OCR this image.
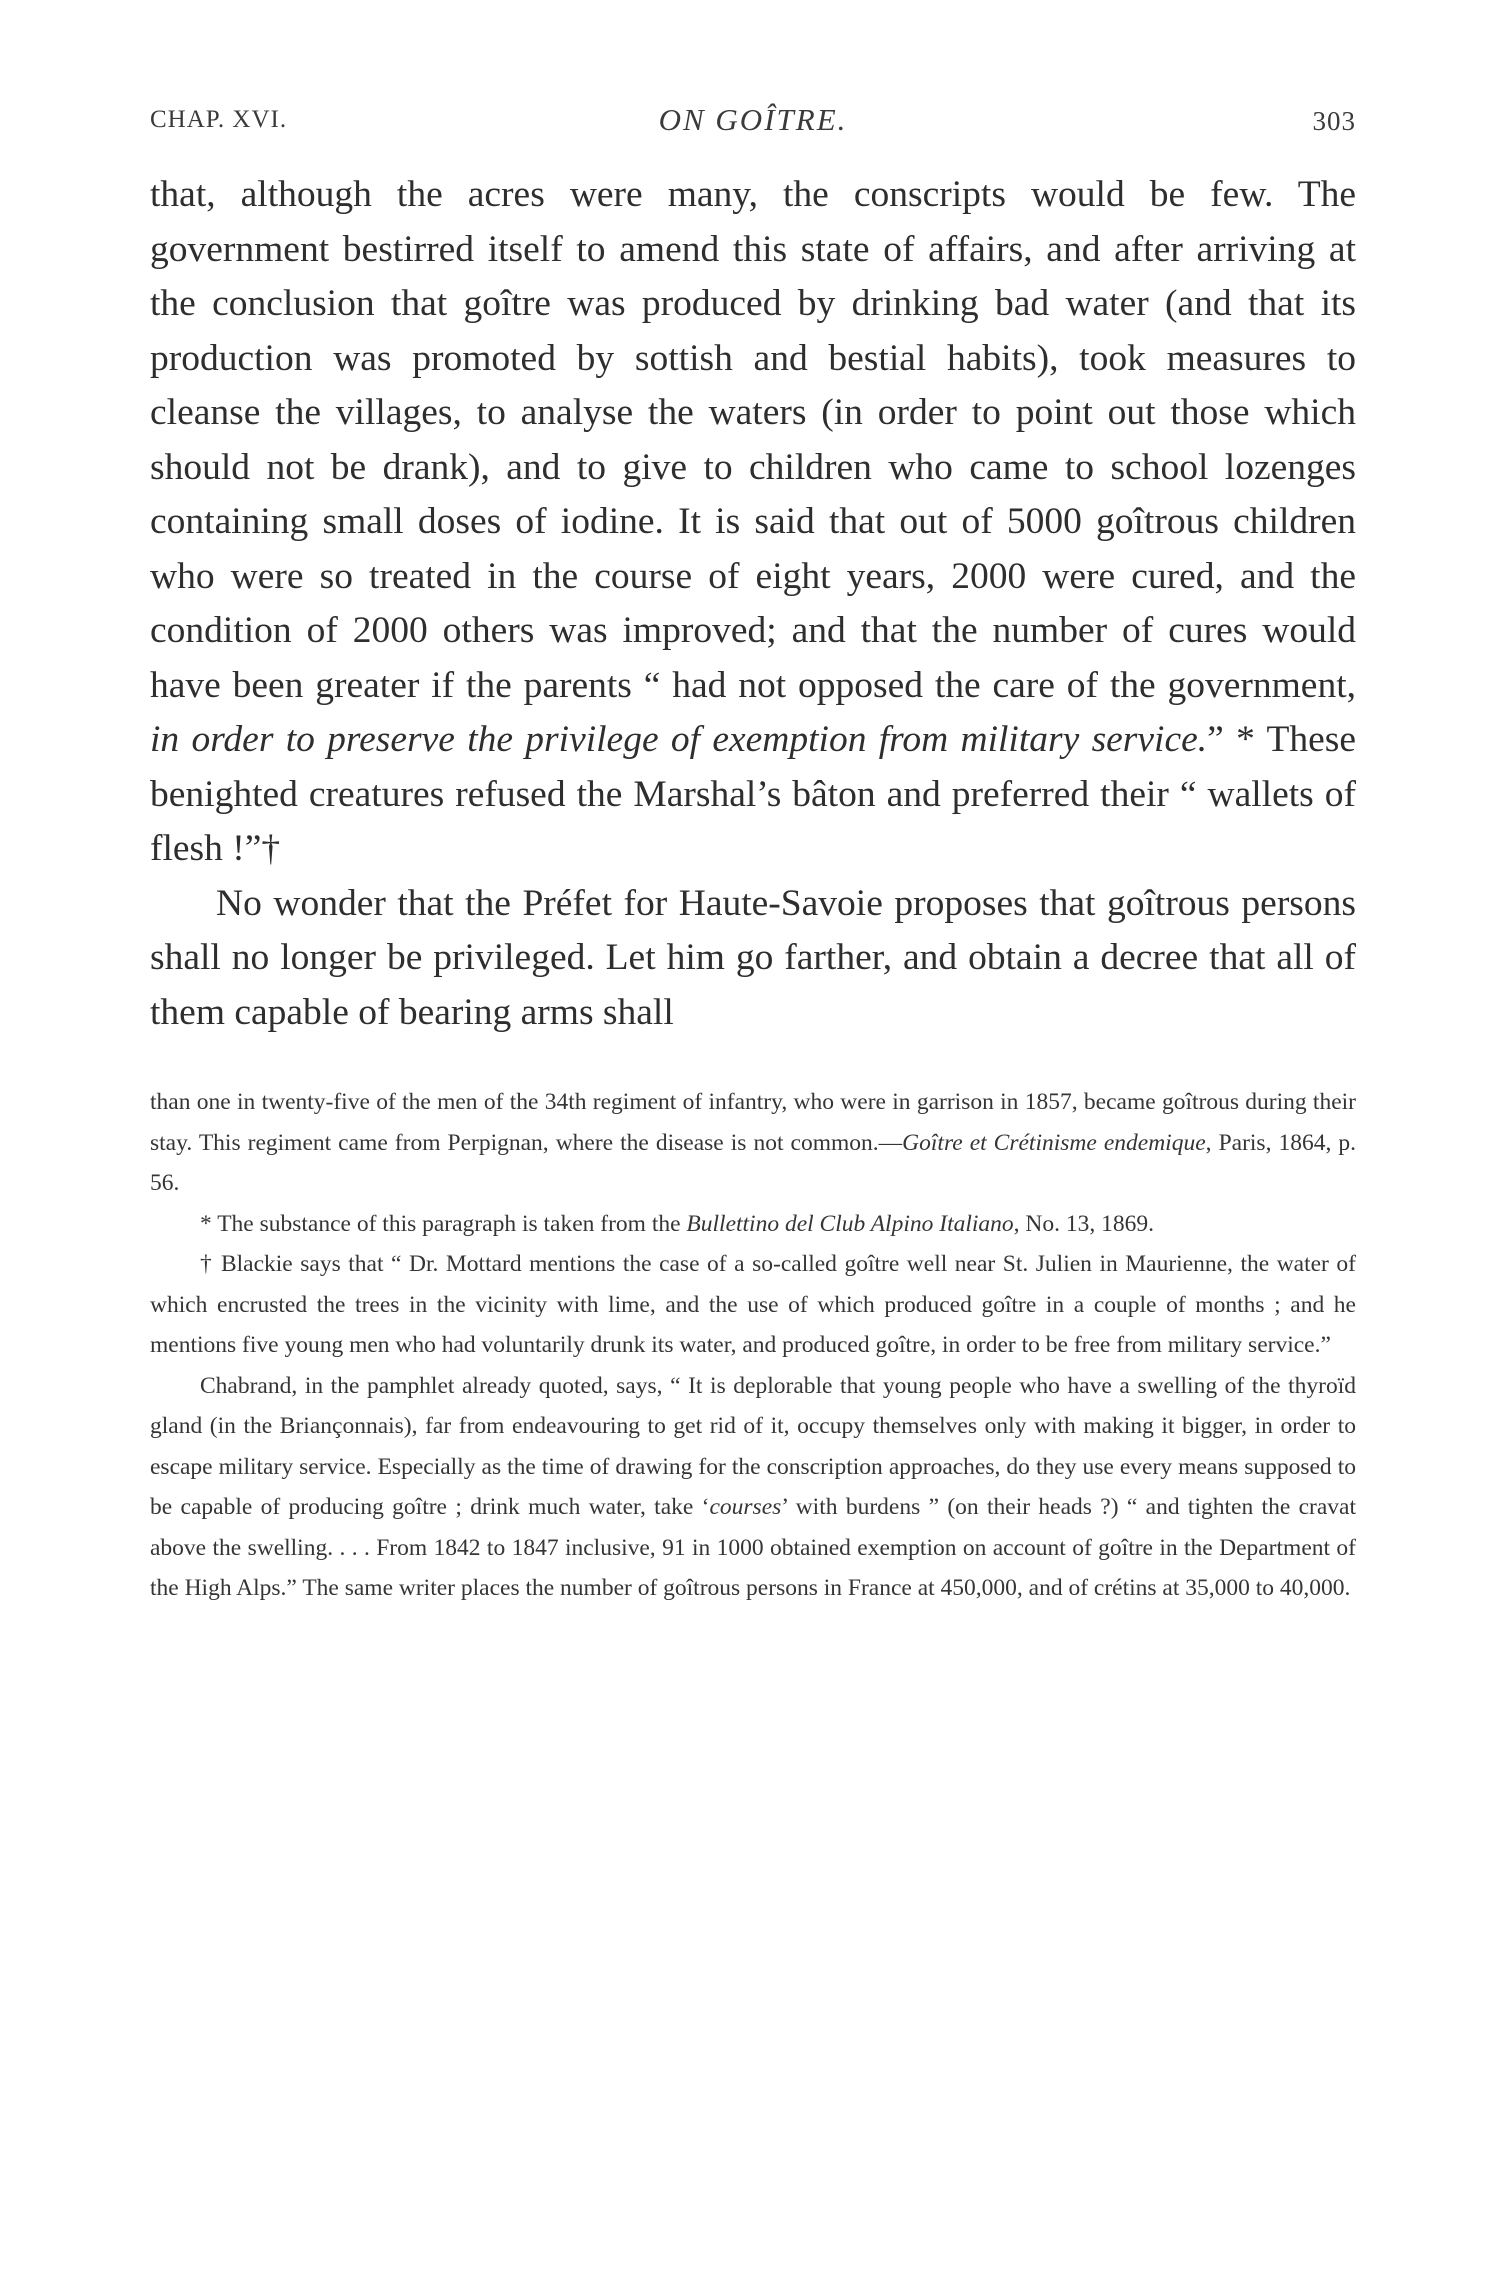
CHAP. XVI.	ON GOÎTRE.	303

that, although the acres were many, the conscripts would be few. The government bestirred itself to amend this state of affairs, and after arriving at the conclusion that goître was produced by drinking bad water (and that its production was promoted by sottish and bestial habits), took measures to cleanse the villages, to analyse the waters (in order to point out those which should not be drank), and to give to children who came to school lozenges containing small doses of iodine. It is said that out of 5000 goîtrous children who were so treated in the course of eight years, 2000 were cured, and the condition of 2000 others was improved; and that the number of cures would have been greater if the parents “ had not opposed the care of the government, in order to preserve the privilege of exemption from military service.” * These benighted creatures refused the Marshal’s bâton and preferred their “ wallets of flesh !”†

No wonder that the Préfet for Haute-Savoie proposes that goîtrous persons shall no longer be privileged. Let him go farther, and obtain a decree that all of them capable of bearing arms shall

than one in twenty-five of the men of the 34th regiment of infantry, who were in garrison in 1857, became goîtrous during their stay. This regiment came from Perpignan, where the disease is not common.—Goître et Crétinisme endemique, Paris, 1864, p. 56.

* The substance of this paragraph is taken from the Bullettino del Club Alpino Italiano, No. 13, 1869.

† Blackie says that “ Dr. Mottard mentions the case of a so-called goître well near St. Julien in Maurienne, the water of which encrusted the trees in the vicinity with lime, and the use of which produced goître in a couple of months ; and he mentions five young men who had voluntarily drunk its water, and produced goître, in order to be free from military service.”

Chabrand, in the pamphlet already quoted, says, “ It is deplorable that young people who have a swelling of the thyroïd gland (in the Briançonnais), far from endeavouring to get rid of it, occupy themselves only with making it bigger, in order to escape military service. Especially as the time of drawing for the conscription approaches, do they use every means supposed to be capable of producing goître ; drink much water, take ‘courses’ with burdens ” (on their heads ?) “ and tighten the cravat above the swelling. . . . From 1842 to 1847 inclusive, 91 in 1000 obtained exemption on account of goître in the Department of the High Alps.” The same writer places the number of goîtrous persons in France at 450,000, and of crétins at 35,000 to 40,000.
